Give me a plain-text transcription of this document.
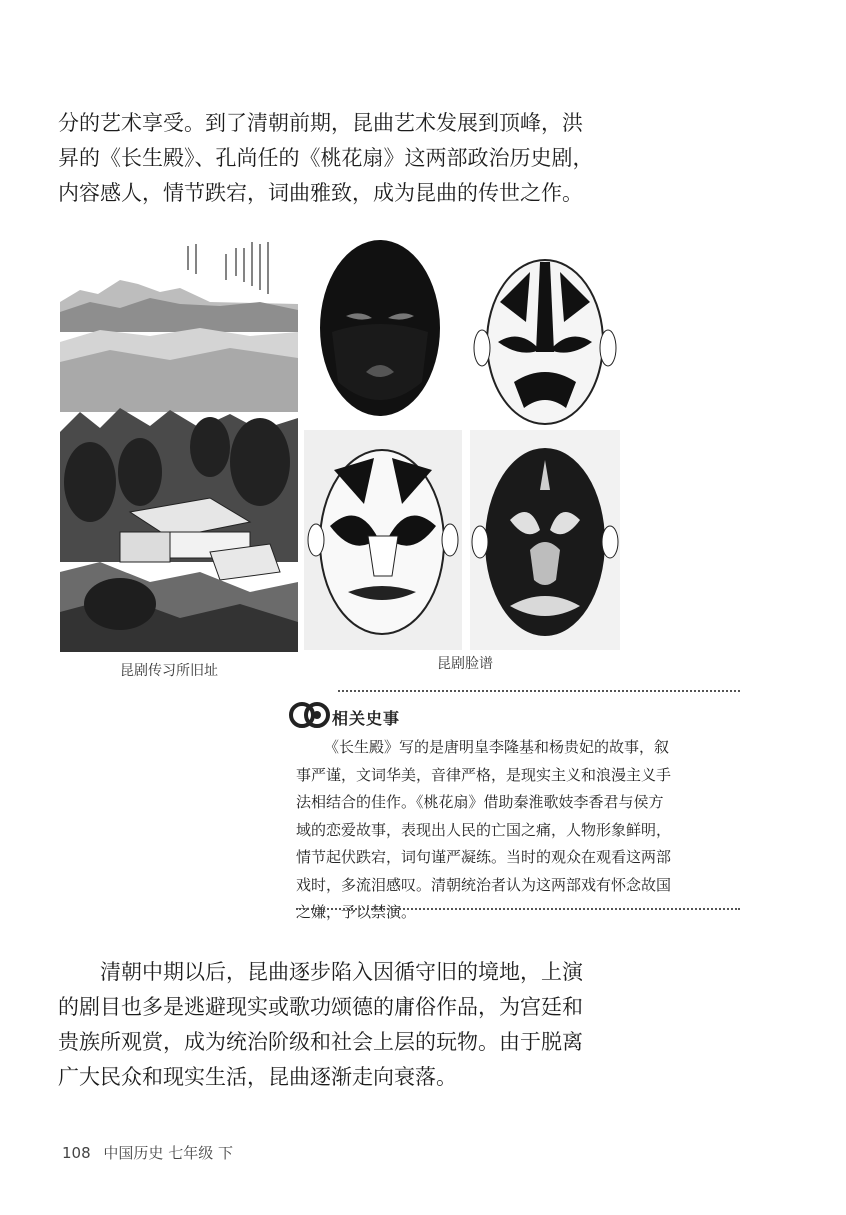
分的艺术享受。到了清朝前期，昆曲艺术发展到顶峰，洪
昇的《长生殿》、孔尚任的《桃花扇》这两部政治历史剧，
内容感人，情节跌宕，词曲雅致，成为昆曲的传世之作。
昆剧传习所旧址	昆剧脸谱
相关史事
《长生殿》写的是唐明皇李隆基和杨贵妃的故事，叙
事严谨，文词华美，音律严格，是现实主义和浪漫主义手
法相结合的佳作。《桃花扇》借助秦淮歌妓李香君与侯方
域的恋爱故事，表现出人民的亡国之痛，人物形象鲜明，
情节起伏跌宕，词句谨严凝练。当时的观众在观看这两部
戏时，多流泪感叹。清朝统治者认为这两部戏有怀念故国
之嫌，予以禁演。
清朝中期以后，昆曲逐步陷入因循守旧的境地，上演
的剧目也多是逃避现实或歌功颂德的庸俗作品，为宫廷和
贵族所观赏，成为统治阶级和社会上层的玩物。由于脱离
广大民众和现实生活，昆曲逐渐走向衰落。
108 中国历史 七年级 下
